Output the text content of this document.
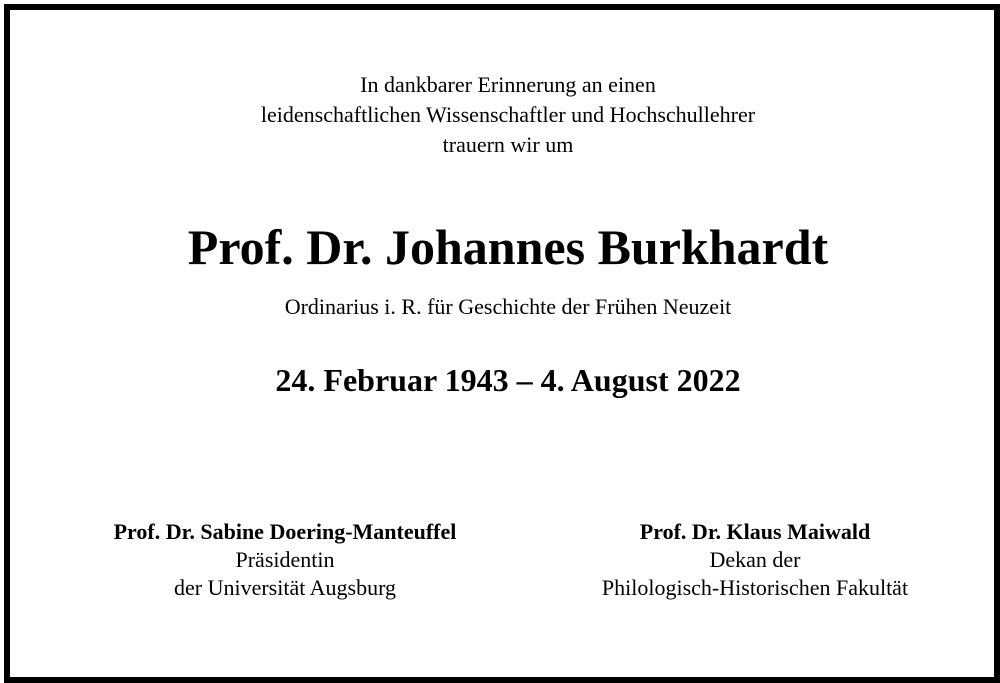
In dankbarer Erinnerung an einen
leidenschaftlichen Wissenschaftler und Hochschullehrer
trauern wir um
Prof. Dr. Johannes Burkhardt
Ordinarius i. R. für Geschichte der Frühen Neuzeit
24. Februar 1943 – 4. August 2022
Prof. Dr. Sabine Doering-Manteuffel
Präsidentin
der Universität Augsburg
Prof. Dr. Klaus Maiwald
Dekan der
Philologisch-Historischen Fakultät
